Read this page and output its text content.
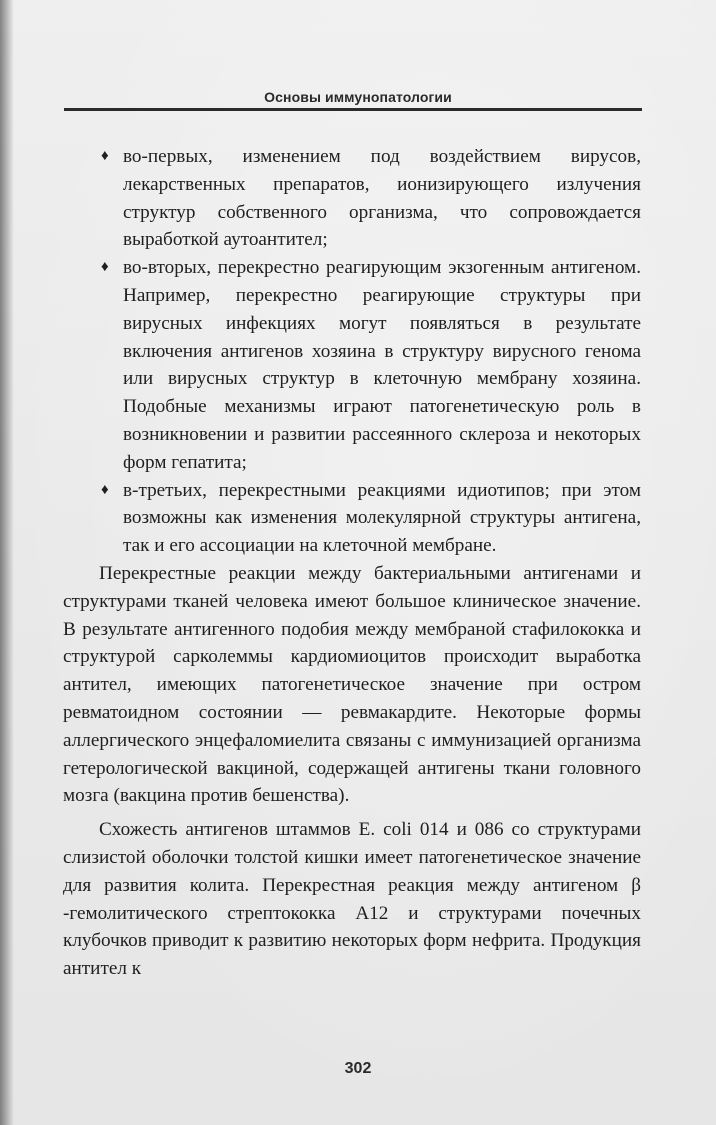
Основы иммунопатологии
♦ во-первых, изменением под воздействием вирусов, лекарственных препаратов, ионизирующего излучения структур собственного организма, что сопровождается выработкой аутоантител;
♦ во-вторых, перекрестно реагирующим экзогенным антигеном. Например, перекрестно реагирующие структуры при вирусных инфекциях могут появляться в результате включения антигенов хозяина в структуру вирусного генома или вирусных структур в клеточную мембрану хозяина. Подобные механизмы играют патогенетическую роль в возникновении и развитии рассеянного склероза и некоторых форм гепатита;
♦ в-третьих, перекрестными реакциями идиотипов; при этом возможны как изменения молекулярной структуры антигена, так и его ассоциации на клеточной мембране.

Перекрестные реакции между бактериальными антигенами и структурами тканей человека имеют большое клиническое значение. В результате антигенного подобия между мембраной стафилококка и структурой сарколеммы кардиомиоцитов происходит выработка антител, имеющих патогенетическое значение при остром ревматоидном состоянии — ревмакардите. Некоторые формы аллергического энцефаломиелита связаны с иммунизацией организма гетерологической вакциной, содержащей антигены ткани головного мозга (вакцина против бешенства).

Схожесть антигенов штаммов E. coli 014 и 086 со структурами слизистой оболочки толстой кишки имеет патогенетическое значение для развития колита. Перекрестная реакция между антигеном β -гемолитического стрептококка A12 и структурами почечных клубочков приводит к развитию некоторых форм нефрита. Продукция антител к

302
